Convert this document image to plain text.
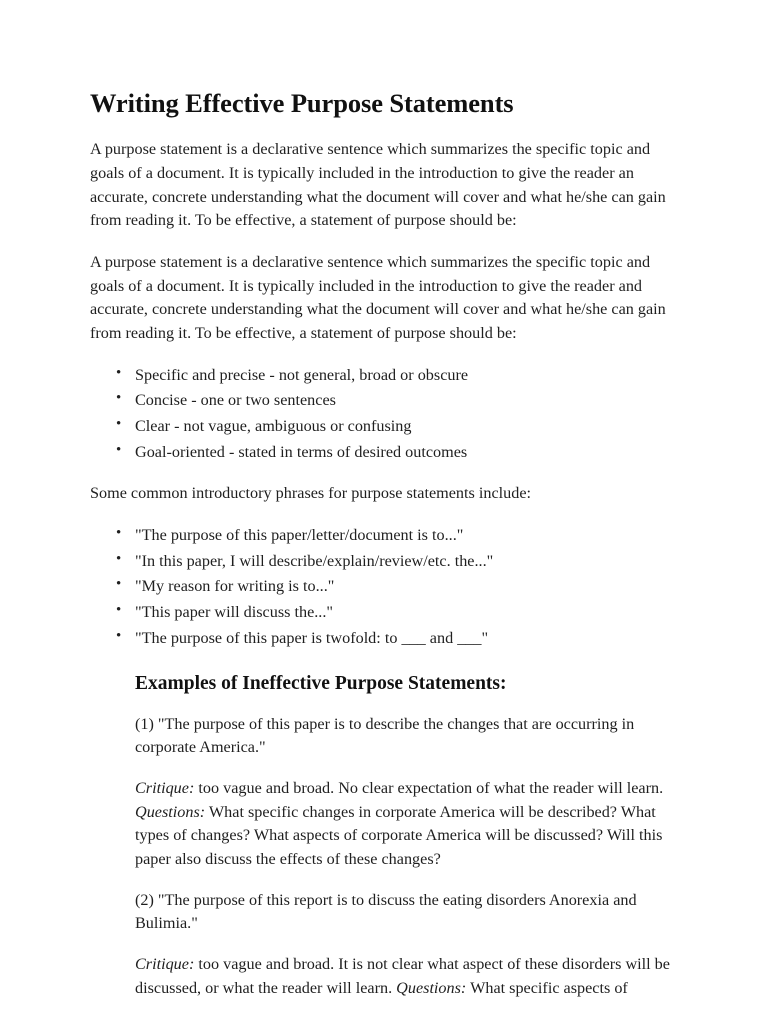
Writing Effective Purpose Statements

A purpose statement is a declarative sentence which summarizes the specific topic and goals of a document. It is typically included in the introduction to give the reader an accurate, concrete understanding what the document will cover and what he/she can gain from reading it. To be effective, a statement of purpose should be:

A purpose statement is a declarative sentence which summarizes the specific topic and goals of a document. It is typically included in the introduction to give the reader and accurate, concrete understanding what the document will cover and what he/she can gain from reading it. To be effective, a statement of purpose should be:

• Specific and precise - not general, broad or obscure
• Concise - one or two sentences
• Clear - not vague, ambiguous or confusing
• Goal-oriented - stated in terms of desired outcomes

Some common introductory phrases for purpose statements include:

• "The purpose of this paper/letter/document is to..."
• "In this paper, I will describe/explain/review/etc. the..."
• "My reason for writing is to..."
• "This paper will discuss the..."
• "The purpose of this paper is twofold: to ___ and ___"
Examples of Ineffective Purpose Statements:

(1) "The purpose of this paper is to describe the changes that are occurring in corporate America."

Critique: too vague and broad. No clear expectation of what the reader will learn. Questions: What specific changes in corporate America will be described? What types of changes? What aspects of corporate America will be discussed? Will this paper also discuss the effects of these changes?

(2) "The purpose of this report is to discuss the eating disorders Anorexia and Bulimia."

Critique: too vague and broad. It is not clear what aspect of these disorders will be discussed, or what the reader will learn. Questions: What specific aspects of
